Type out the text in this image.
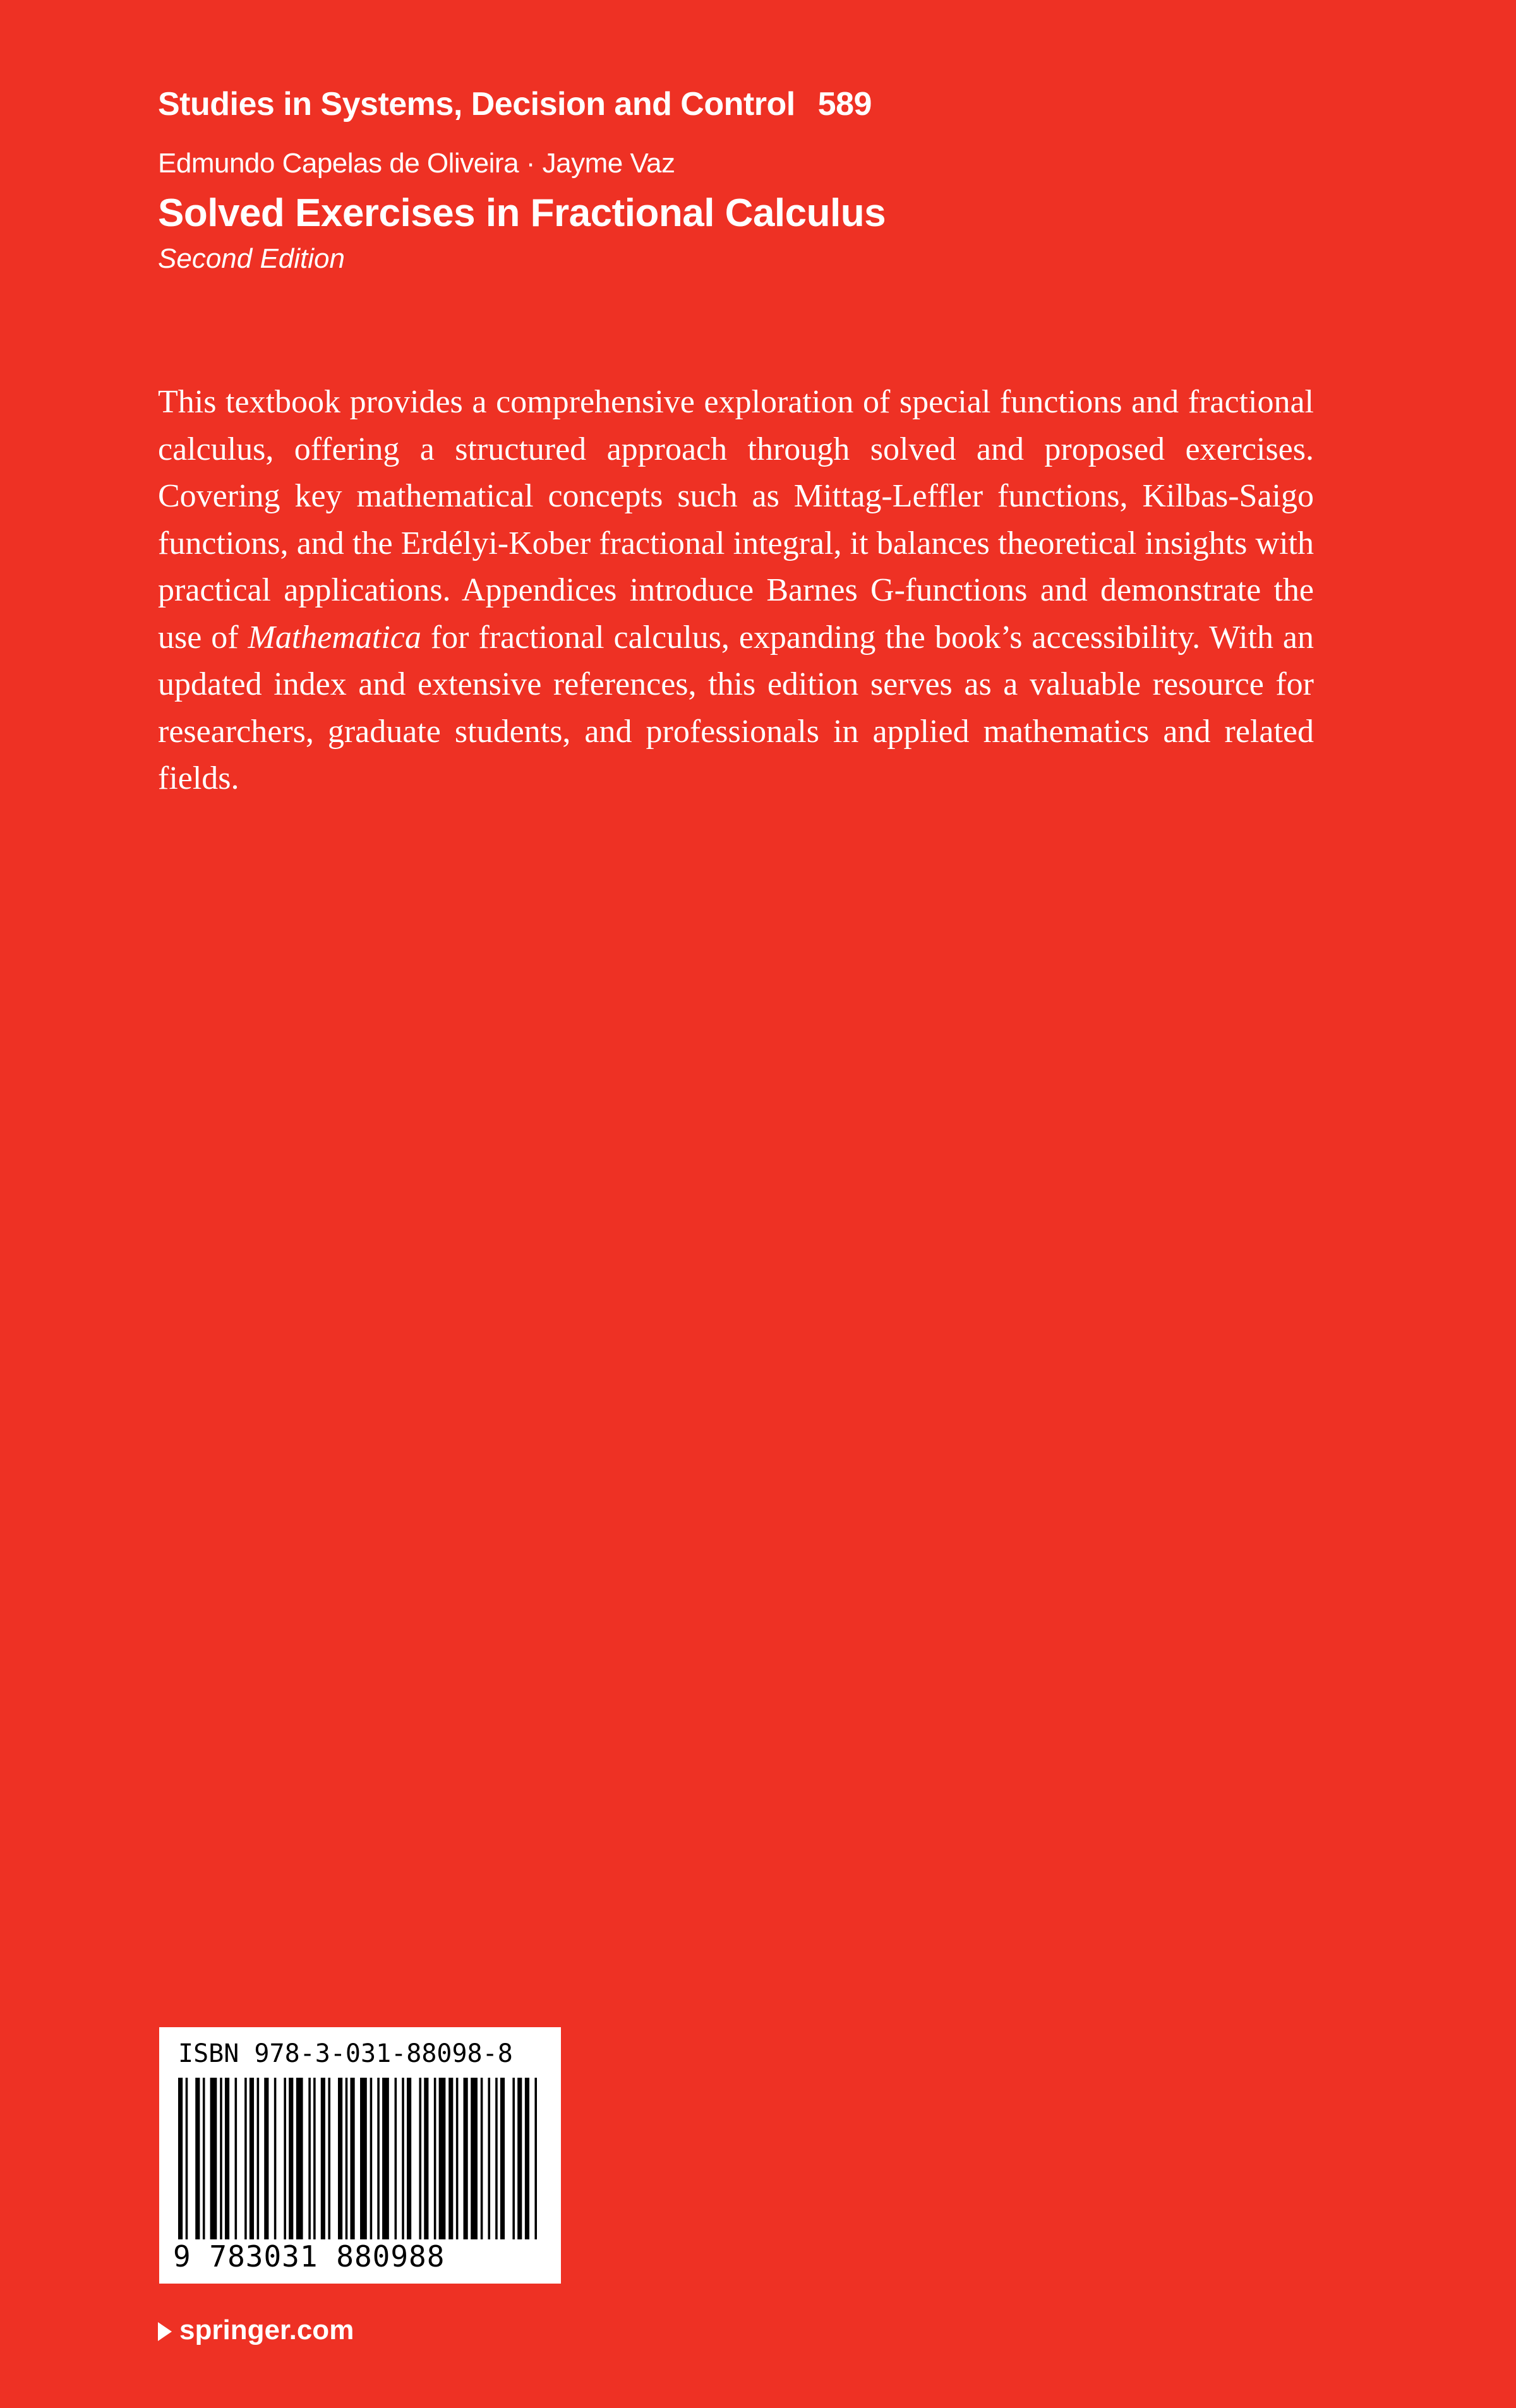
Studies in Systems, Decision and Control 589
Edmundo Capelas de Oliveira · Jayme Vaz
Solved Exercises in Fractional Calculus
Second Edition
This textbook provides a comprehensive exploration of special functions and fractional calculus, offering a structured approach through solved and proposed exercises. Covering key mathematical concepts such as Mittag-Leffler functions, Kilbas-Saigo functions, and the Erdélyi-Kober fractional integral, it balances theoretical insights with practical applications. Appendices introduce Barnes G-functions and demonstrate the use of Mathematica for fractional calculus, expanding the book’s accessibility. With an updated index and extensive references, this edition serves as a valuable resource for researchers, graduate students, and professionals in applied mathematics and related fields.
ISBN 978-3-031-88098-8
9 783031 880988
springer.com
